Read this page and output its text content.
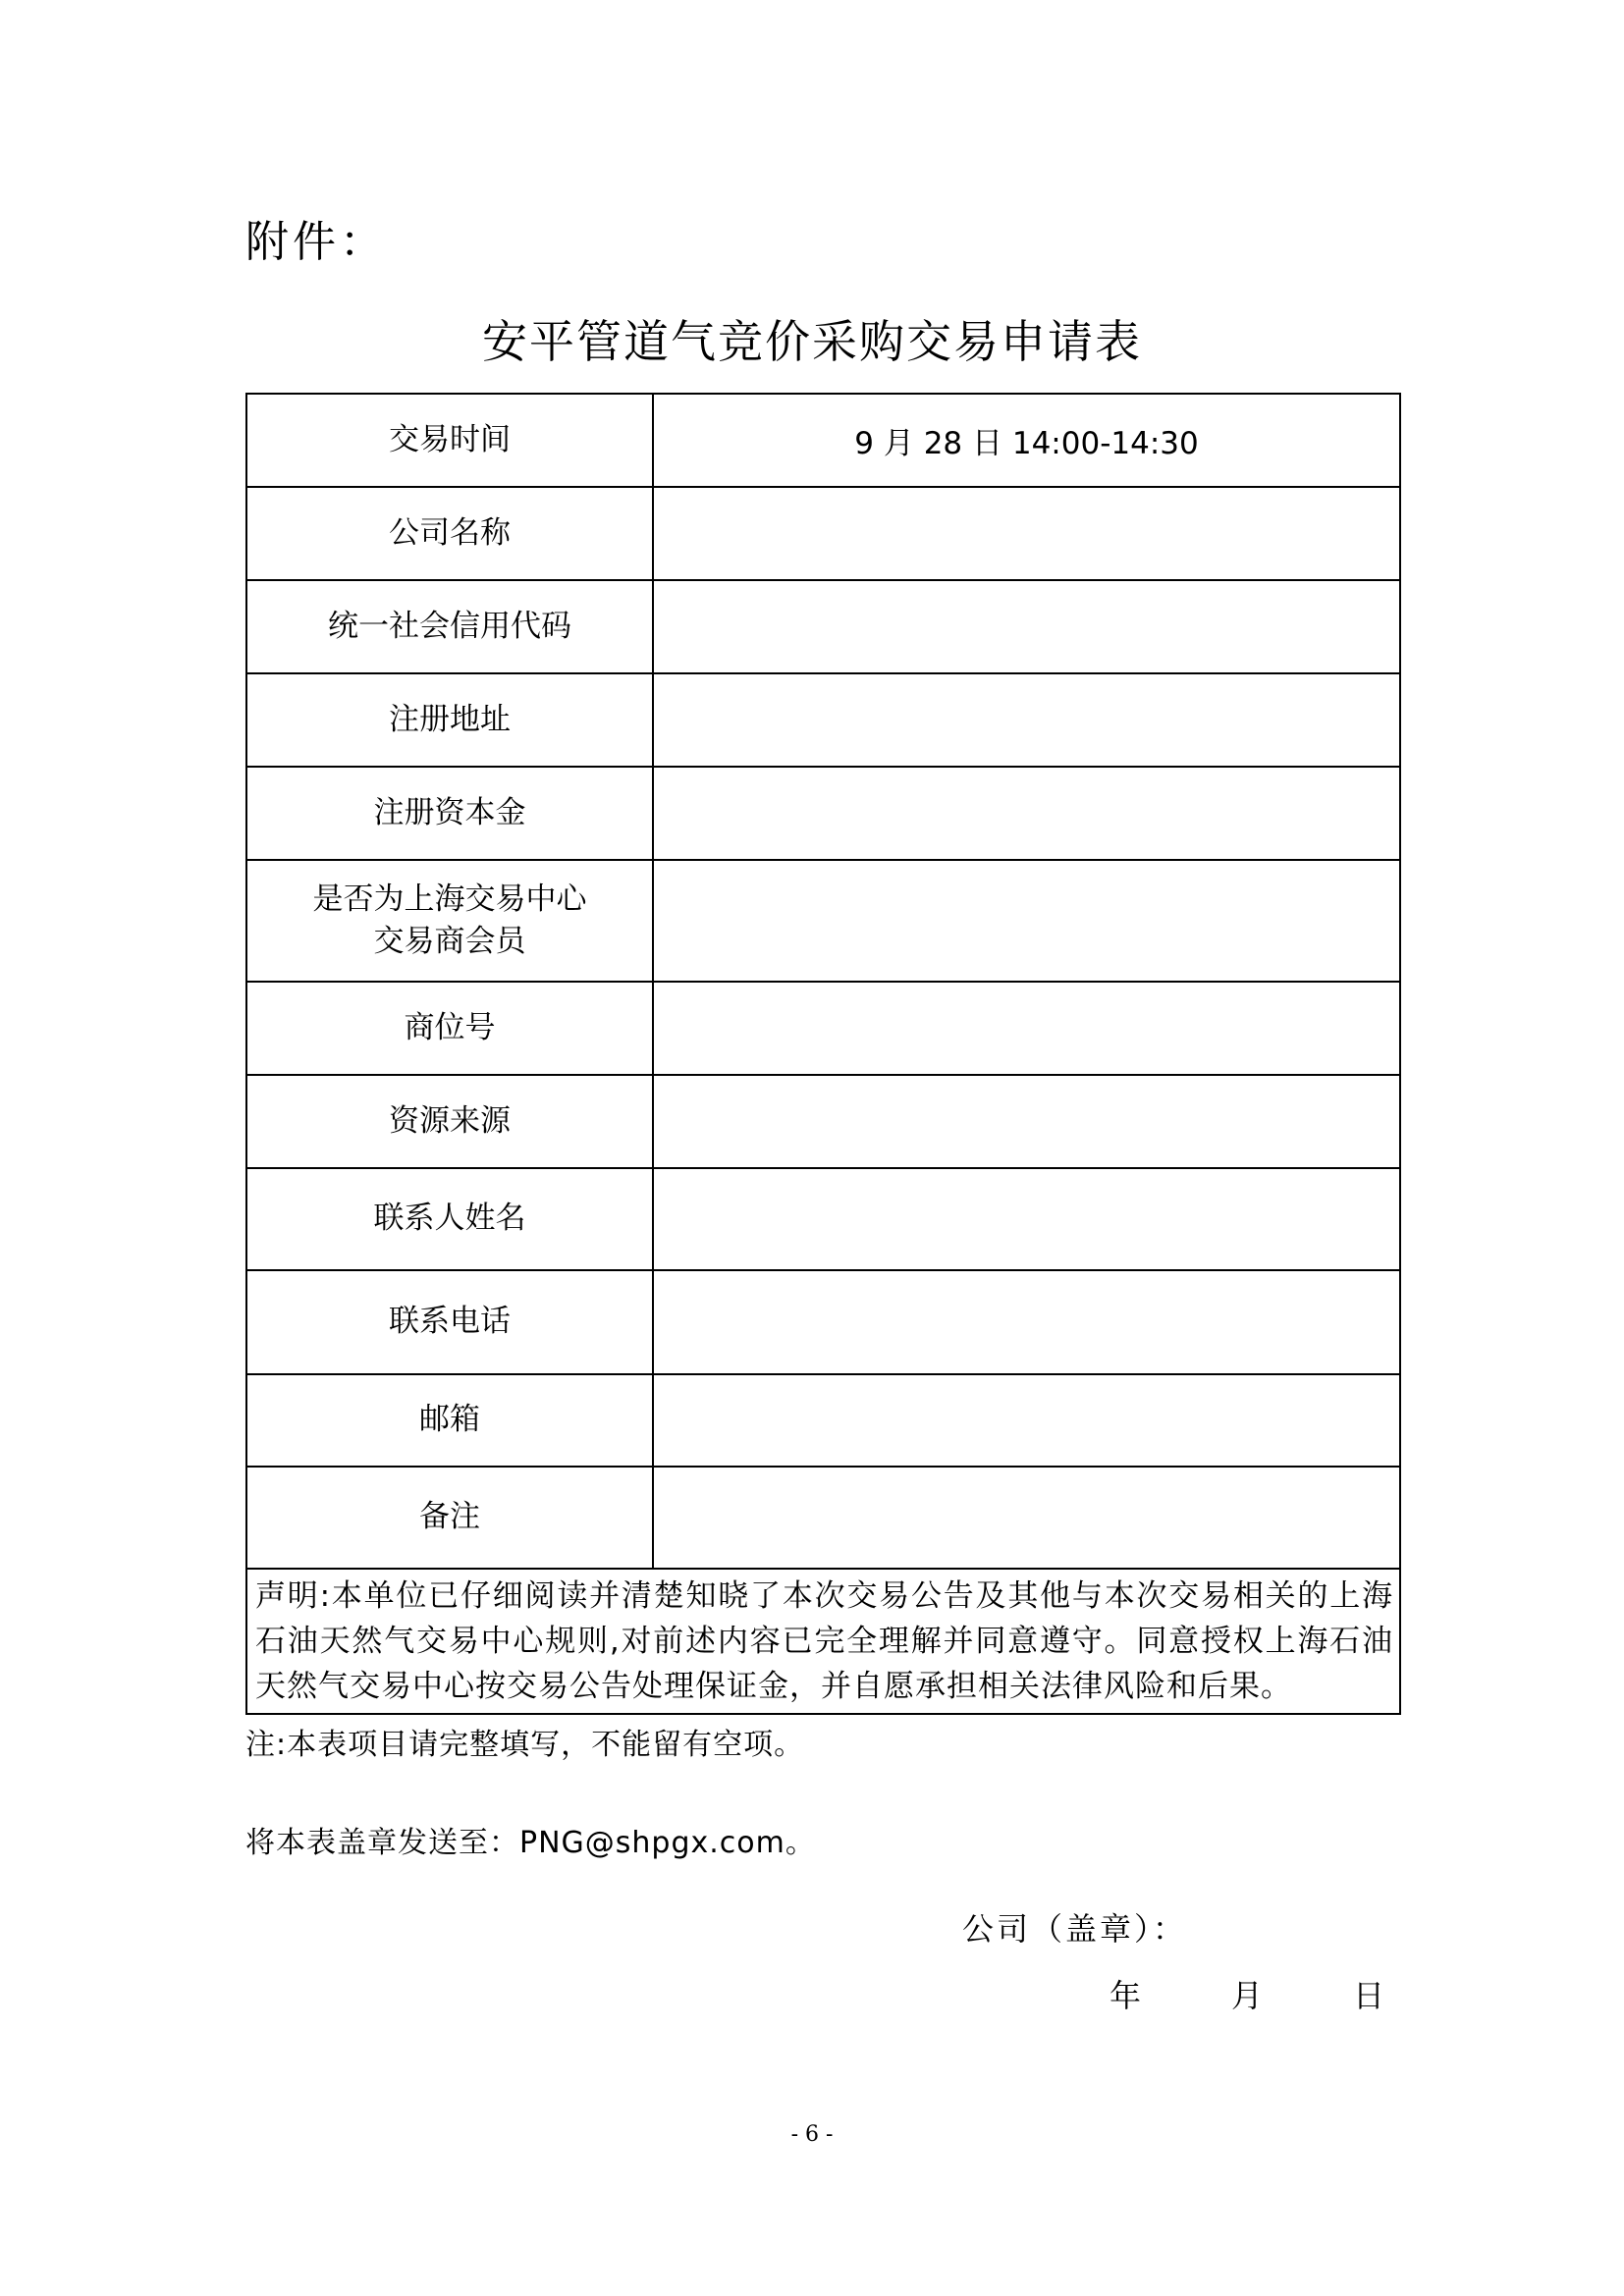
附件：
安平管道气竞价采购交易申请表
交易时间	9 月 28 日 14:00-14:30
公司名称	
统一社会信用代码	
注册地址	
注册资本金	

是否为上海交易中心
交易商会员	

商位号	
资源来源	
联系人姓名	
联系电话	
邮箱	
备注	
声明:本单位已仔细阅读并清楚知晓了本次交易公告及其他与本次交易相关的上海石油天然气交易中心规则,对前述内容已完全理解并同意遵守。同意授权上海石油天然气交易中心按交易公告处理保证金，并自愿承担相关法律风险和后果。	
注:本表项目请完整填写，不能留有空项。
将本表盖章发送至：PNG@shpgx.com。
公司（盖章）：
年	月	日
- 6 -
